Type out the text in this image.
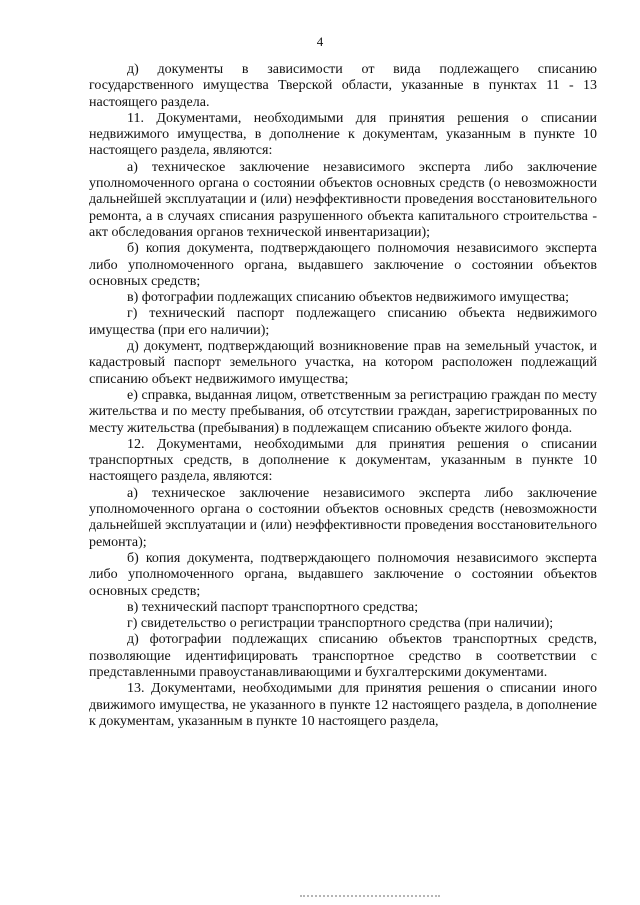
4

д) документы в зависимости от вида подлежащего списанию государственного имущества Тверской области, указанные в пунктах 11 - 13 настоящего раздела.

11. Документами, необходимыми для принятия решения о списании недвижимого имущества, в дополнение к документам, указанным в пункте 10 настоящего раздела, являются:

а) техническое заключение независимого эксперта либо заключение уполномоченного органа о состоянии объектов основных средств (о невозможности дальнейшей эксплуатации и (или) неэффективности проведения восстановительного ремонта, а в случаях списания разрушенного объекта капитального строительства - акт обследования органов технической инвентаризации);

б) копия документа, подтверждающего полномочия независимого эксперта либо уполномоченного органа, выдавшего заключение о состоянии объектов основных средств;

в) фотографии подлежащих списанию объектов недвижимого имущества;

г) технический паспорт подлежащего списанию объекта недвижимого имущества (при его наличии);

д) документ, подтверждающий возникновение прав на земельный участок, и кадастровый паспорт земельного участка, на котором расположен подлежащий списанию объект недвижимого имущества;

е) справка, выданная лицом, ответственным за регистрацию граждан по месту жительства и по месту пребывания, об отсутствии граждан, зарегистрированных по месту жительства (пребывания) в подлежащем списанию объекте жилого фонда.

12. Документами, необходимыми для принятия решения о списании транспортных средств, в дополнение к документам, указанным в пункте 10 настоящего раздела, являются:

а) техническое заключение независимого эксперта либо заключение уполномоченного органа о состоянии объектов основных средств (невозможности дальнейшей эксплуатации и (или) неэффективности проведения восстановительного ремонта);

б) копия документа, подтверждающего полномочия независимого эксперта либо уполномоченного органа, выдавшего заключение о состоянии объектов основных средств;

в) технический паспорт транспортного средства;

г) свидетельство о регистрации транспортного средства (при наличии);

д) фотографии подлежащих списанию объектов транспортных средств, позволяющие идентифицировать транспортное средство в соответствии с представленными правоустанавливающими и бухгалтерскими документами.

13. Документами, необходимыми для принятия решения о списании иного движимого имущества, не указанного в пункте 12 настоящего раздела, в дополнение к документам, указанным в пункте 10 настоящего раздела,
